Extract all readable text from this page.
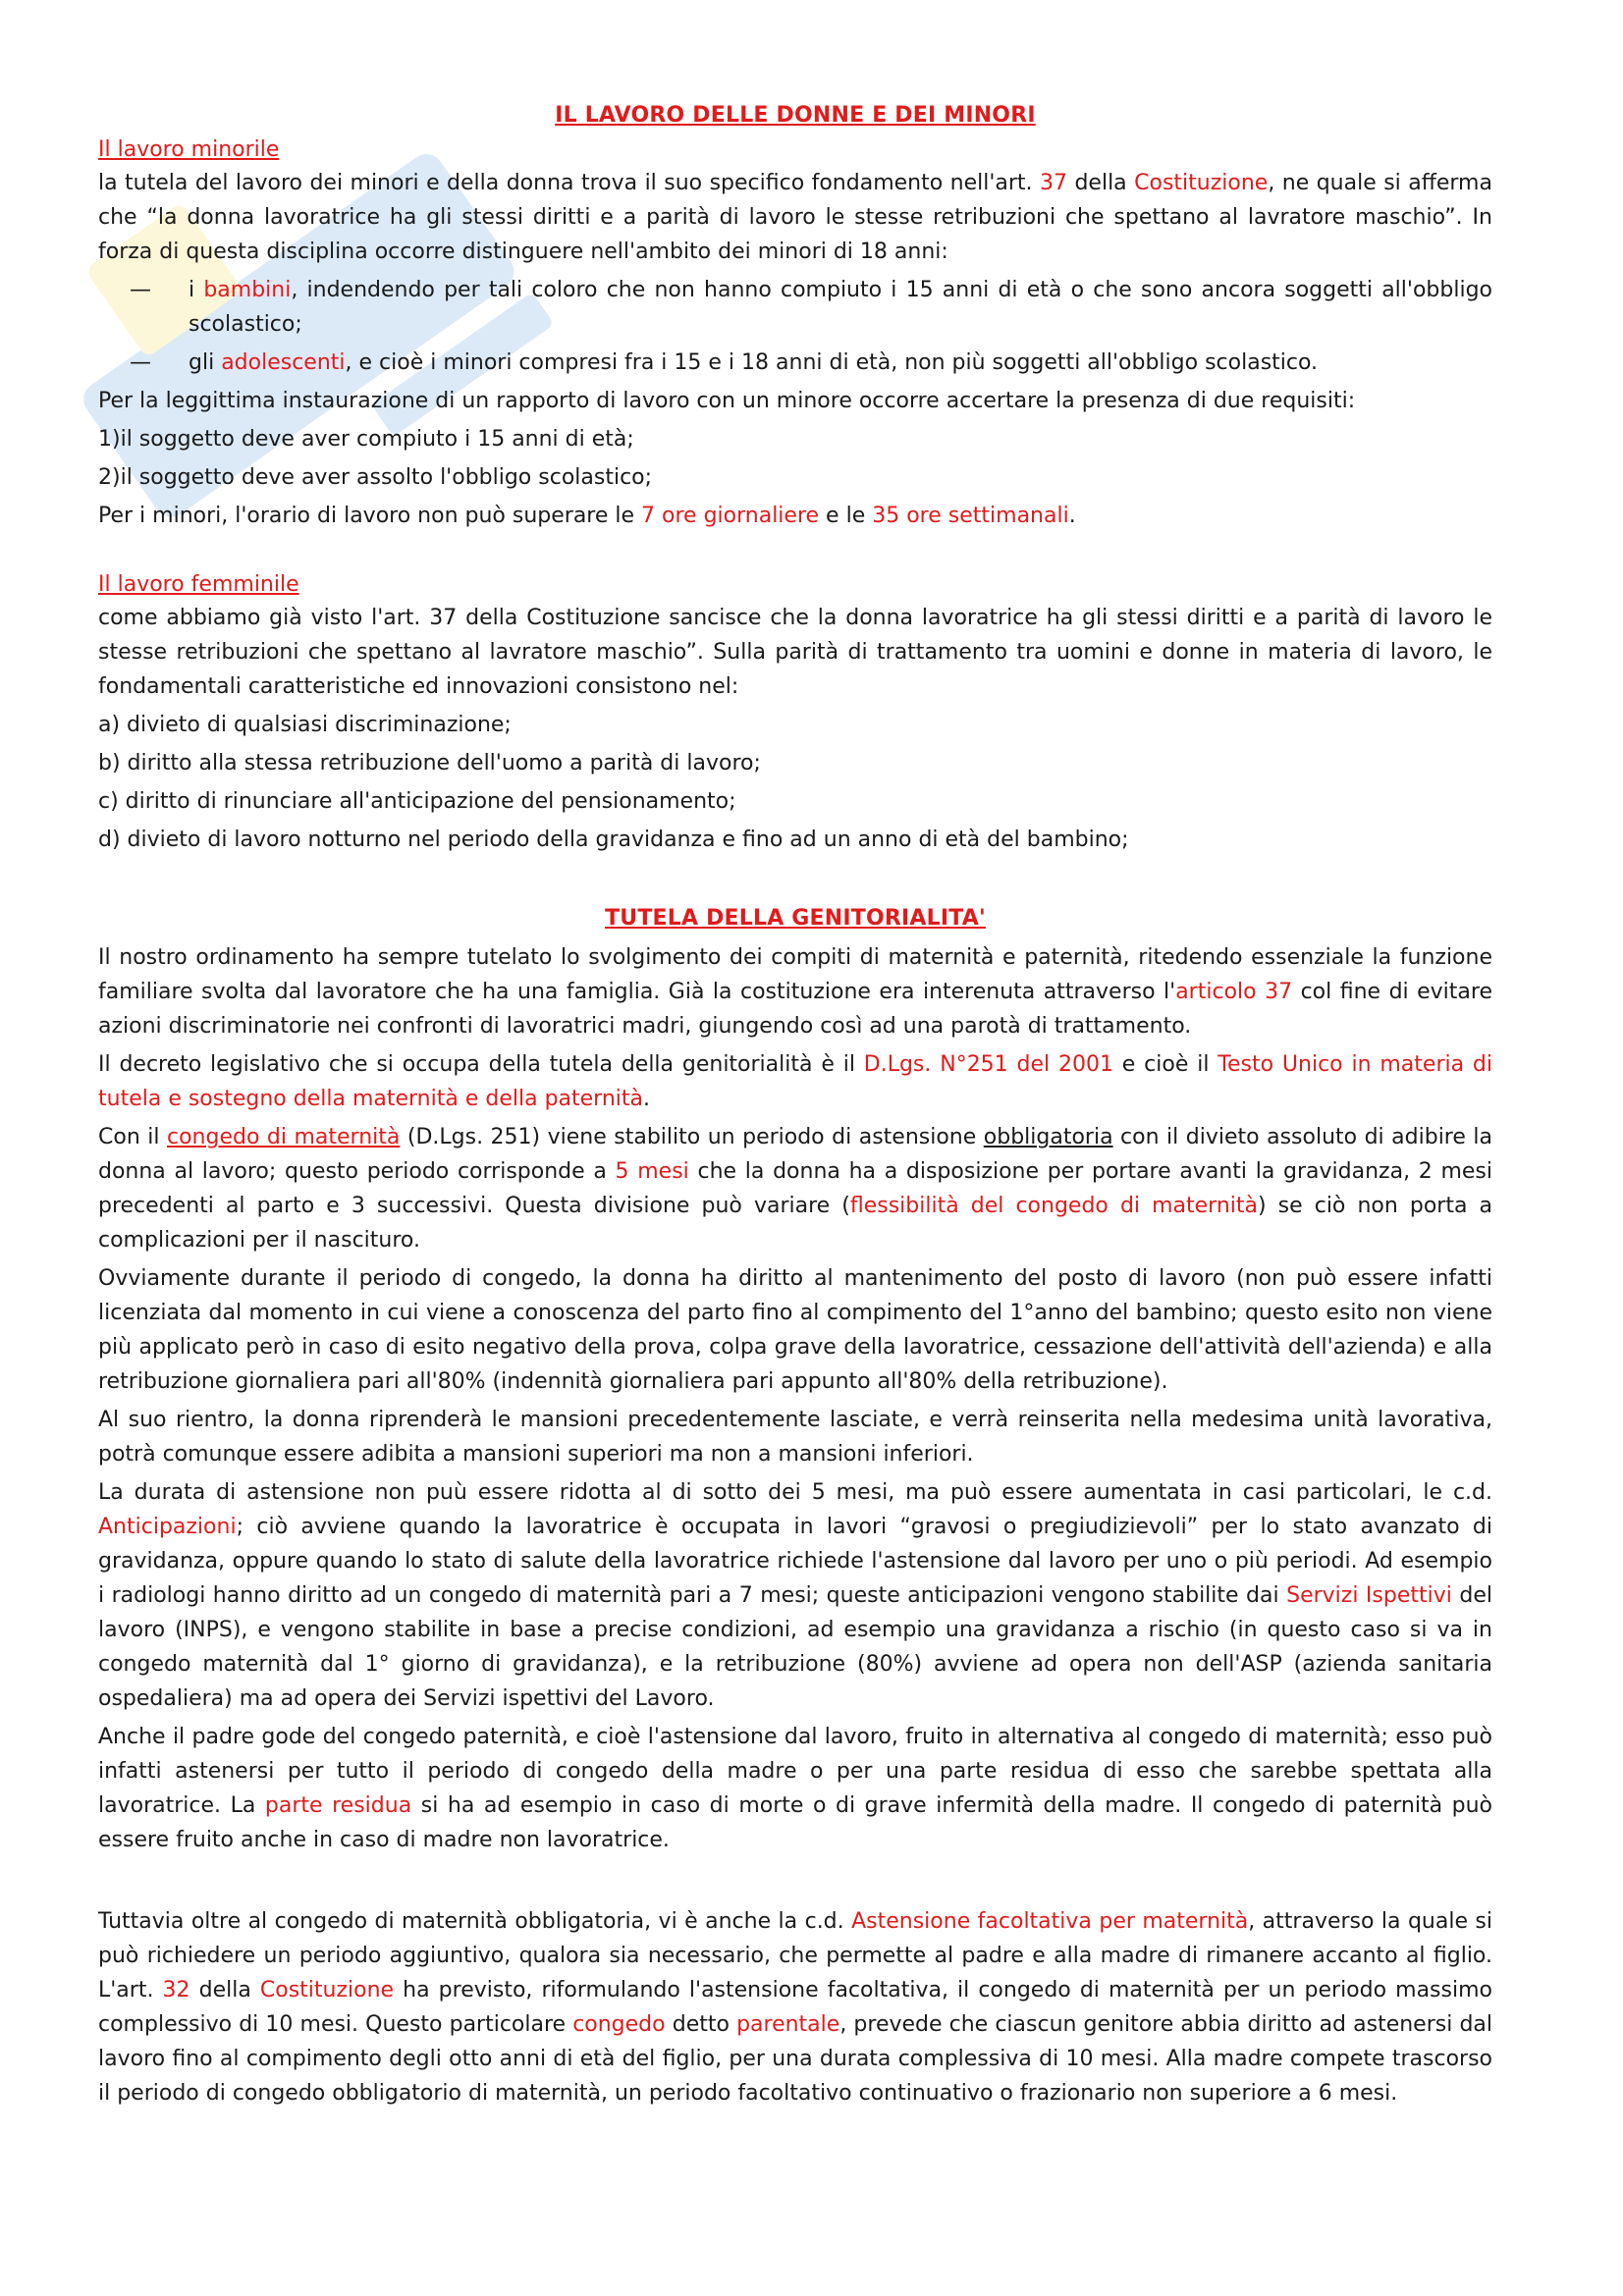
IL LAVORO DELLE DONNE E DEI MINORI
Il lavoro minorile

la tutela del lavoro dei minori e della donna trova il suo specifico fondamento nell'art. 37 della Costituzione, ne quale si afferma che “la donna lavoratrice ha gli stessi diritti e a parità di lavoro le stesse retribuzioni che spettano al lavratore maschio”. In forza di questa disciplina occorre distinguere nell'ambito dei minori di 18 anni:

— i bambini, indendendo per tali coloro che non hanno compiuto i 15 anni di età o che sono ancora soggetti all'obbligo scolastico;
— gli adolescenti, e cioè i minori compresi fra i 15 e i 18 anni di età, non più soggetti all'obbligo scolastico.

Per la leggittima instaurazione di un rapporto di lavoro con un minore occorre accertare la presenza di due requisiti:

1)il soggetto deve aver compiuto i 15 anni di età;

2)il soggetto deve aver assolto l'obbligo scolastico;

Per i minori, l'orario di lavoro non può superare le 7 ore giornaliere e le 35 ore settimanali.

Il lavoro femminile

come abbiamo già visto l'art. 37 della Costituzione sancisce che la donna lavoratrice ha gli stessi diritti e a parità di lavoro le stesse retribuzioni che spettano al lavratore maschio”. Sulla parità di trattamento tra uomini e donne in materia di lavoro, le fondamentali caratteristiche ed innovazioni consistono nel:

a) divieto di qualsiasi discriminazione;

b) diritto alla stessa retribuzione dell'uomo a parità di lavoro;

c) diritto di rinunciare all'anticipazione del pensionamento;

d) divieto di lavoro notturno nel periodo della gravidanza e fino ad un anno di età del bambino;

TUTELA DELLA GENITORIALITA'

Il nostro ordinamento ha sempre tutelato lo svolgimento dei compiti di maternità e paternità, ritedendo essenziale la funzione familiare svolta dal lavoratore che ha una famiglia. Già la costituzione era interenuta attraverso l'articolo 37 col fine di evitare azioni discriminatorie nei confronti di lavoratrici madri, giungendo così ad una parotà di trattamento.

Il decreto legislativo che si occupa della tutela della genitorialità è il D.Lgs. N°251 del 2001 e cioè il Testo Unico in materia di tutela e sostegno della maternità e della paternità.

Con il congedo di maternità (D.Lgs. 251) viene stabilito un periodo di astensione obbligatoria con il divieto assoluto di adibire la donna al lavoro; questo periodo corrisponde a 5 mesi che la donna ha a disposizione per portare avanti la gravidanza, 2 mesi precedenti al parto e 3 successivi. Questa divisione può variare (flessibilità del congedo di maternità) se ciò non porta a complicazioni per il nascituro.

Ovviamente durante il periodo di congedo, la donna ha diritto al mantenimento del posto di lavoro (non può essere infatti licenziata dal momento in cui viene a conoscenza del parto fino al compimento del 1°anno del bambino; questo esito non viene più applicato però in caso di esito negativo della prova, colpa grave della lavoratrice, cessazione dell'attività dell'azienda) e alla retribuzione giornaliera pari all'80% (indennità giornaliera pari appunto all'80% della retribuzione).

Al suo rientro, la donna riprenderà le mansioni precedentemente lasciate, e verrà reinserita nella medesima unità lavorativa, potrà comunque essere adibita a mansioni superiori ma non a mansioni inferiori.

La durata di astensione non puù essere ridotta al di sotto dei 5 mesi, ma può essere aumentata in casi particolari, le c.d. Anticipazioni; ciò avviene quando la lavoratrice è occupata in lavori “gravosi o pregiudizievoli” per lo stato avanzato di gravidanza, oppure quando lo stato di salute della lavoratrice richiede l'astensione dal lavoro per uno o più periodi. Ad esempio i radiologi hanno diritto ad un congedo di maternità pari a 7 mesi; queste anticipazioni vengono stabilite dai Servizi Ispettivi del lavoro (INPS), e vengono stabilite in base a precise condizioni, ad esempio una gravidanza a rischio (in questo caso si va in congedo maternità dal 1° giorno di gravidanza), e la retribuzione (80%) avviene ad opera non dell'ASP (azienda sanitaria ospedaliera) ma ad opera dei Servizi ispettivi del Lavoro.

Anche il padre gode del congedo paternità, e cioè l'astensione dal lavoro, fruito in alternativa al congedo di maternità; esso può infatti astenersi per tutto il periodo di congedo della madre o per una parte residua di esso che sarebbe spettata alla lavoratrice. La parte residua si ha ad esempio in caso di morte o di grave infermità della madre. Il congedo di paternità può essere fruito anche in caso di madre non lavoratrice.

Tuttavia oltre al congedo di maternità obbligatoria, vi è anche la c.d. Astensione facoltativa per maternità, attraverso la quale si può richiedere un periodo aggiuntivo, qualora sia necessario, che permette al padre e alla madre di rimanere accanto al figlio. L'art. 32 della Costituzione ha previsto, riformulando l'astensione facoltativa, il congedo di maternità per un periodo massimo complessivo di 10 mesi. Questo particolare congedo detto parentale, prevede che ciascun genitore abbia diritto ad astenersi dal lavoro fino al compimento degli otto anni di età del figlio, per una durata complessiva di 10 mesi. Alla madre compete trascorso il periodo di congedo obbligatorio di maternità, un periodo facoltativo continuativo o frazionario non superiore a 6 mesi.
